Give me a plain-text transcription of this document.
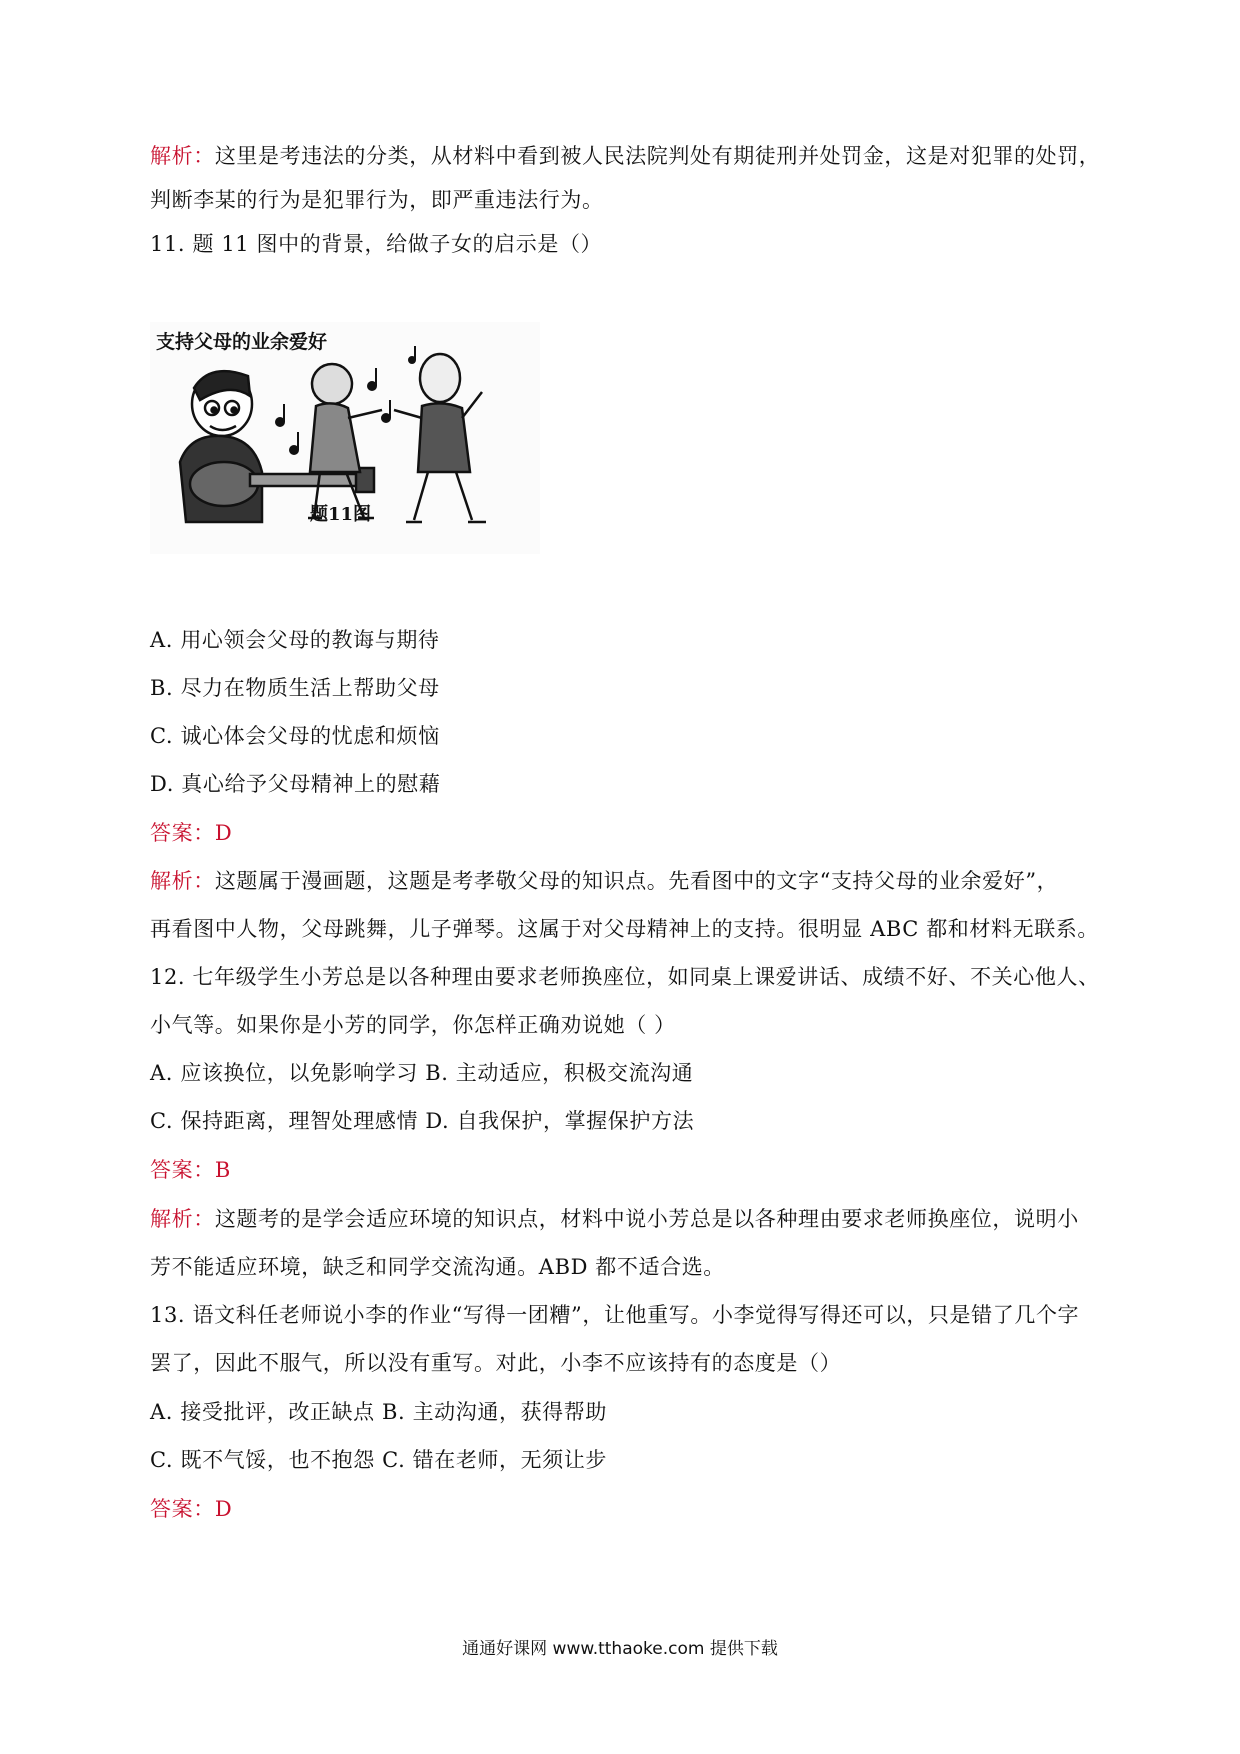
解析：这里是考违法的分类，从材料中看到被人民法院判处有期徒刑并处罚金，这是对犯罪的处罚，
判断李某的行为是犯罪行为，即严重违法行为。
11. 题 11 图中的背景，给做子女的启示是（）
支持父母的业余爱好
题11图
A. 用心领会父母的教诲与期待
B. 尽力在物质生活上帮助父母
C. 诚心体会父母的忧虑和烦恼
D. 真心给予父母精神上的慰藉
答案：D
解析：这题属于漫画题，这题是考孝敬父母的知识点。先看图中的文字“支持父母的业余爱好”，
再看图中人物，父母跳舞，儿子弹琴。这属于对父母精神上的支持。很明显 ABC 都和材料无联系。
12. 七年级学生小芳总是以各种理由要求老师换座位，如同桌上课爱讲话、成绩不好、不关心他人、
小气等。如果你是小芳的同学，你怎样正确劝说她（ ）
A. 应该换位，以免影响学习 B. 主动适应，积极交流沟通
C. 保持距离，理智处理感情 D. 自我保护，掌握保护方法
答案：B
解析：这题考的是学会适应环境的知识点，材料中说小芳总是以各种理由要求老师换座位，说明小
芳不能适应环境，缺乏和同学交流沟通。ABD 都不适合选。
13. 语文科任老师说小李的作业“写得一团糟”，让他重写。小李觉得写得还可以，只是错了几个字
罢了，因此不服气，所以没有重写。对此，小李不应该持有的态度是（）
A. 接受批评，改正缺点 B. 主动沟通，获得帮助
C. 既不气馁，也不抱怨 C. 错在老师，无须让步
答案：D
通通好课网 www.tthaoke.com 提供下载
